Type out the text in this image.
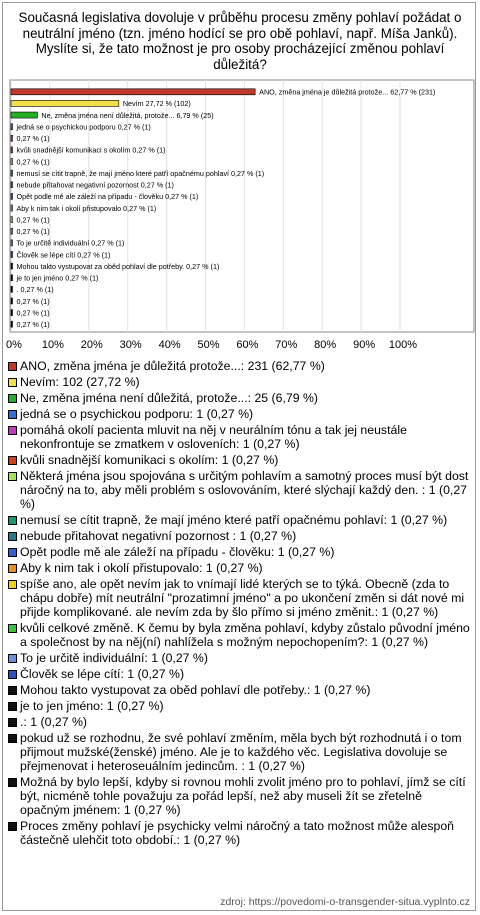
Současná legislativa dovoluje v průběhu procesu změny pohlaví požádat o neutrální jméno (tzn. jméno hodící se pro obě pohlaví, např. Míša Janků). Myslíte si, že tato možnost je pro osoby procházející změnou pohlaví důležitá?
0% 10% 20% 30% 40% 50% 60% 70% 80% 90% 100%
ANO, změna jména je důležitá protože... 62,77 % (231)
Nevím 27,72 % (102)
Ne, změna jména není důležitá, protože... 6,79 % (25)
jedná se o psychickou podporu 0,27 % (1)
0,27 % (1)
kvůli snadnější komunikaci s okolím 0,27 % (1)
0,27 % (1)
nemusí se cítit trapně, že mají jméno které patří opačnému pohlaví 0,27 % (1)
nebude přitahovat negativní pozornost 0,27 % (1)
Opět podle mě ale záleží na případu - člověku 0,27 % (1)
Aby k nim tak i okolí přistupovalo 0,27 % (1)
0,27 % (1)
0,27 % (1)
To je určitě individuální 0,27 % (1)
Člověk se lépe cítí 0,27 % (1)
Mohou takto vystupovat za oběd pohlaví dle potřeby. 0,27 % (1)
je to jen jméno 0,27 % (1)
. 0,27 % (1)
0,27 % (1)
0,27 % (1)
0,27 % (1)
ANO, změna jména je důležitá protože...: 231 (62,77 %)
Nevím: 102 (27,72 %)
Ne, změna jména není důležitá, protože...: 25 (6,79 %)
jedná se o psychickou podporu: 1 (0,27 %)
pomáhá okolí pacienta mluvit na něj v neurálním tónu a tak jej neustále nekonfrontuje se zmatkem v osloveních: 1 (0,27 %)
kvůli snadnější komunikaci s okolím: 1 (0,27 %)
Některá jména jsou spojována s určitým pohlavím a samotný proces musí být dost náročný na to, aby měli problém s oslovováním, které slýchají každý den. : 1 (0,27 %)
nemusí se cítit trapně, že mají jméno které patří opačnému pohlaví: 1 (0,27 %)
nebude přitahovat negativní pozornost : 1 (0,27 %)
Opět podle mě ale záleží na případu - člověku: 1 (0,27 %)
Aby k nim tak i okolí přistupovalo: 1 (0,27 %)
spíše ano, ale opět nevím jak to vnímají lidé kterých se to týká. Obecně (zda to chápu dobře) mít neutrální "prozatimní jméno" a po ukončení změn si dát nové mi přijde komplikované. ale nevím zda by šlo přímo si jméno změnit.: 1 (0,27 %)
kvůli celkové změně. K čemu by byla změna pohlaví, kdyby zůstalo původní jméno a společnost by na něj(ní) nahlížela s možným nepochopením?: 1 (0,27 %)
To je určitě individuální: 1 (0,27 %)
Člověk se lépe cítí: 1 (0,27 %)
Mohou takto vystupovat za oběd pohlaví dle potřeby.: 1 (0,27 %)
je to jen jméno: 1 (0,27 %)
.: 1 (0,27 %)
pokud už se rozhodnu, že své pohlaví změním, měla bych být rozhodnutá i o tom přijmout mužské(ženské) jméno. Ale je to každého věc. Legislativa dovoluje se přejmenovat i heteroseuálním jedincům. : 1 (0,27 %)
Možná by bylo lepší, kdyby si rovnou mohli zvolit jméno pro to pohlaví, jímž se cítí být, nicméně tohle považuju za pořád lepší, než aby museli žít se zřetelně opačným jménem: 1 (0,27 %)
Proces změny pohlaví je psychicky velmi náročný a tato možnost může alespoň částečně ulehčit toto období.: 1 (0,27 %)
zdroj: https://povedomi-o-transgender-situa.vyplnto.cz
